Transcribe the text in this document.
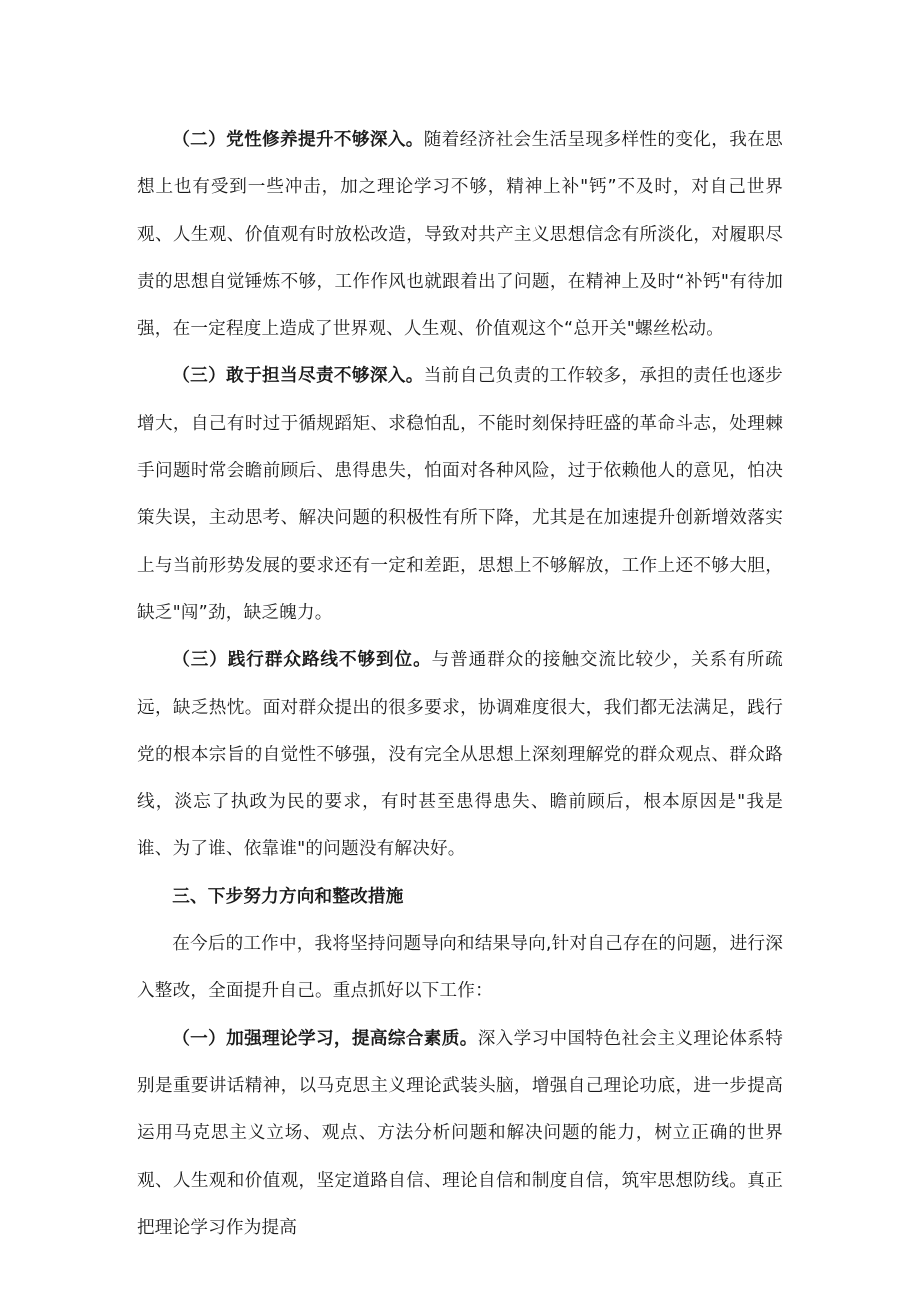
（二）党性修养提升不够深入。随着经济社会生活呈现多样性的变化，我在思想上也有受到一些冲击，加之理论学习不够，精神上补"钙”不及时，对自己世界观、人生观、价值观有时放松改造，导致对共产主义思想信念有所淡化，对履职尽责的思想自觉锤炼不够，工作作风也就跟着出了问题，在精神上及时“补钙"有待加强，在一定程度上造成了世界观、人生观、价值观这个“总开关"螺丝松动。

（三）敢于担当尽责不够深入。当前自己负责的工作较多，承担的责任也逐步增大，自己有时过于循规蹈矩、求稳怕乱，不能时刻保持旺盛的革命斗志，处理棘手问题时常会瞻前顾后、患得患失，怕面对各种风险，过于依赖他人的意见，怕决策失误，主动思考、解决问题的积极性有所下降，尤其是在加速提升创新增效落实上与当前形势发展的要求还有一定和差距，思想上不够解放，工作上还不够大胆，缺乏"闯”劲，缺乏魄力。

（三）践行群众路线不够到位。与普通群众的接触交流比较少，关系有所疏远，缺乏热忱。面对群众提出的很多要求，协调难度很大，我们都无法满足，践行党的根本宗旨的自觉性不够强，没有完全从思想上深刻理解党的群众观点、群众路线，淡忘了执政为民的要求，有时甚至患得患失、瞻前顾后，根本原因是"我是谁、为了谁、依靠谁"的问题没有解决好。

三、下步努力方向和整改措施

在今后的工作中，我将坚持问题导向和结果导向,针对自己存在的问题，进行深入整改，全面提升自己。重点抓好以下工作：

（一）加强理论学习，提高综合素质。深入学习中国特色社会主义理论体系特别是重要讲话精神，以马克思主义理论武装头脑，增强自己理论功底，进一步提高运用马克思主义立场、观点、方法分析问题和解决问题的能力，树立正确的世界观、人生观和价值观，坚定道路自信、理论自信和制度自信，筑牢思想防线。真正把理论学习作为提高
